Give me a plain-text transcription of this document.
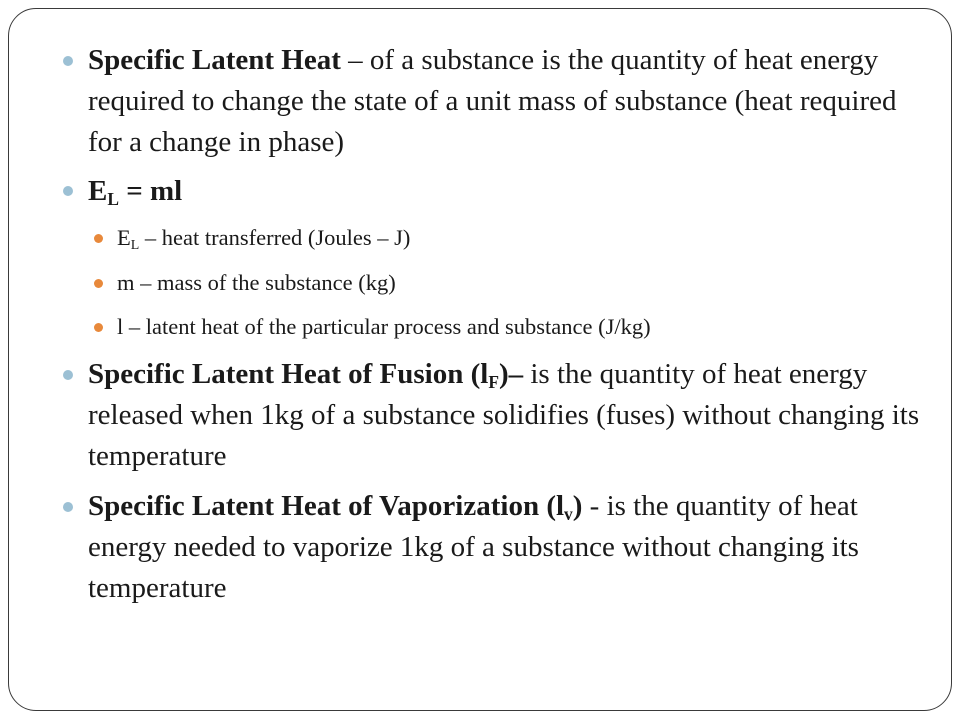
Specific Latent Heat – of a substance is the quantity of heat energy required to change the state of a unit mass of substance (heat required for a change in phase)

$E_L$ = ml

$E_L$ – heat transferred (Joules – J)

m – mass of the substance (kg)

l – latent heat of the particular process and substance (J/kg)

Specific Latent Heat of Fusion $(l_F)-$ is the quantity of heat energy released when 1kg of a substance solidifies (fuses) without changing its temperature

Specific Latent Heat of Vaporization $(l_v)$ - is the quantity of heat energy needed to vaporize 1kg of a substance without changing its temperature
